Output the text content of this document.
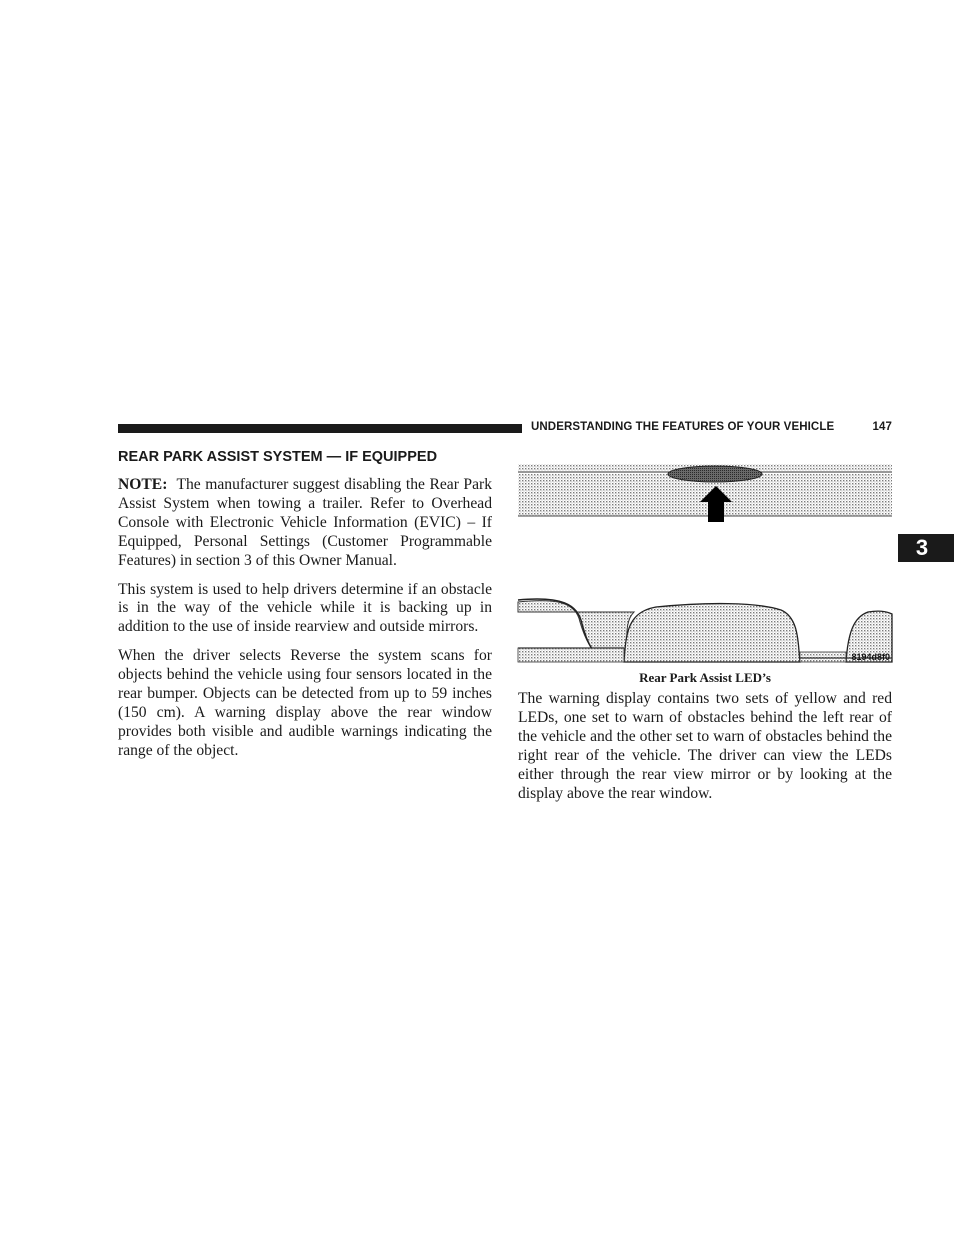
UNDERSTANDING THE FEATURES OF YOUR VEHICLE	147
3
REAR PARK ASSIST SYSTEM — IF EQUIPPED

NOTE: The manufacturer suggest disabling the Rear Park Assist System when towing a trailer. Refer to Overhead Console with Electronic Vehicle Information (EVIC) – If Equipped, Personal Settings (Customer Programmable Features) in section 3 of this Owner Manual.

This system is used to help drivers determine if an obstacle is in the way of the vehicle while it is backing up in addition to the use of inside rearview and outside mirrors.

When the driver selects Reverse the system scans for objects behind the vehicle using four sensors located in the rear bumper. Objects can be detected from up to 59 inches (150 cm). A warning display above the rear window provides both visible and audible warnings indicating the range of the object.

8194d8f0
Rear Park Assist LED’s

The warning display contains two sets of yellow and red LEDs, one set to warn of obstacles behind the left rear of the vehicle and the other set to warn of obstacles behind the right rear of the vehicle. The driver can view the LEDs either through the rear view mirror or by looking at the display above the rear window.
